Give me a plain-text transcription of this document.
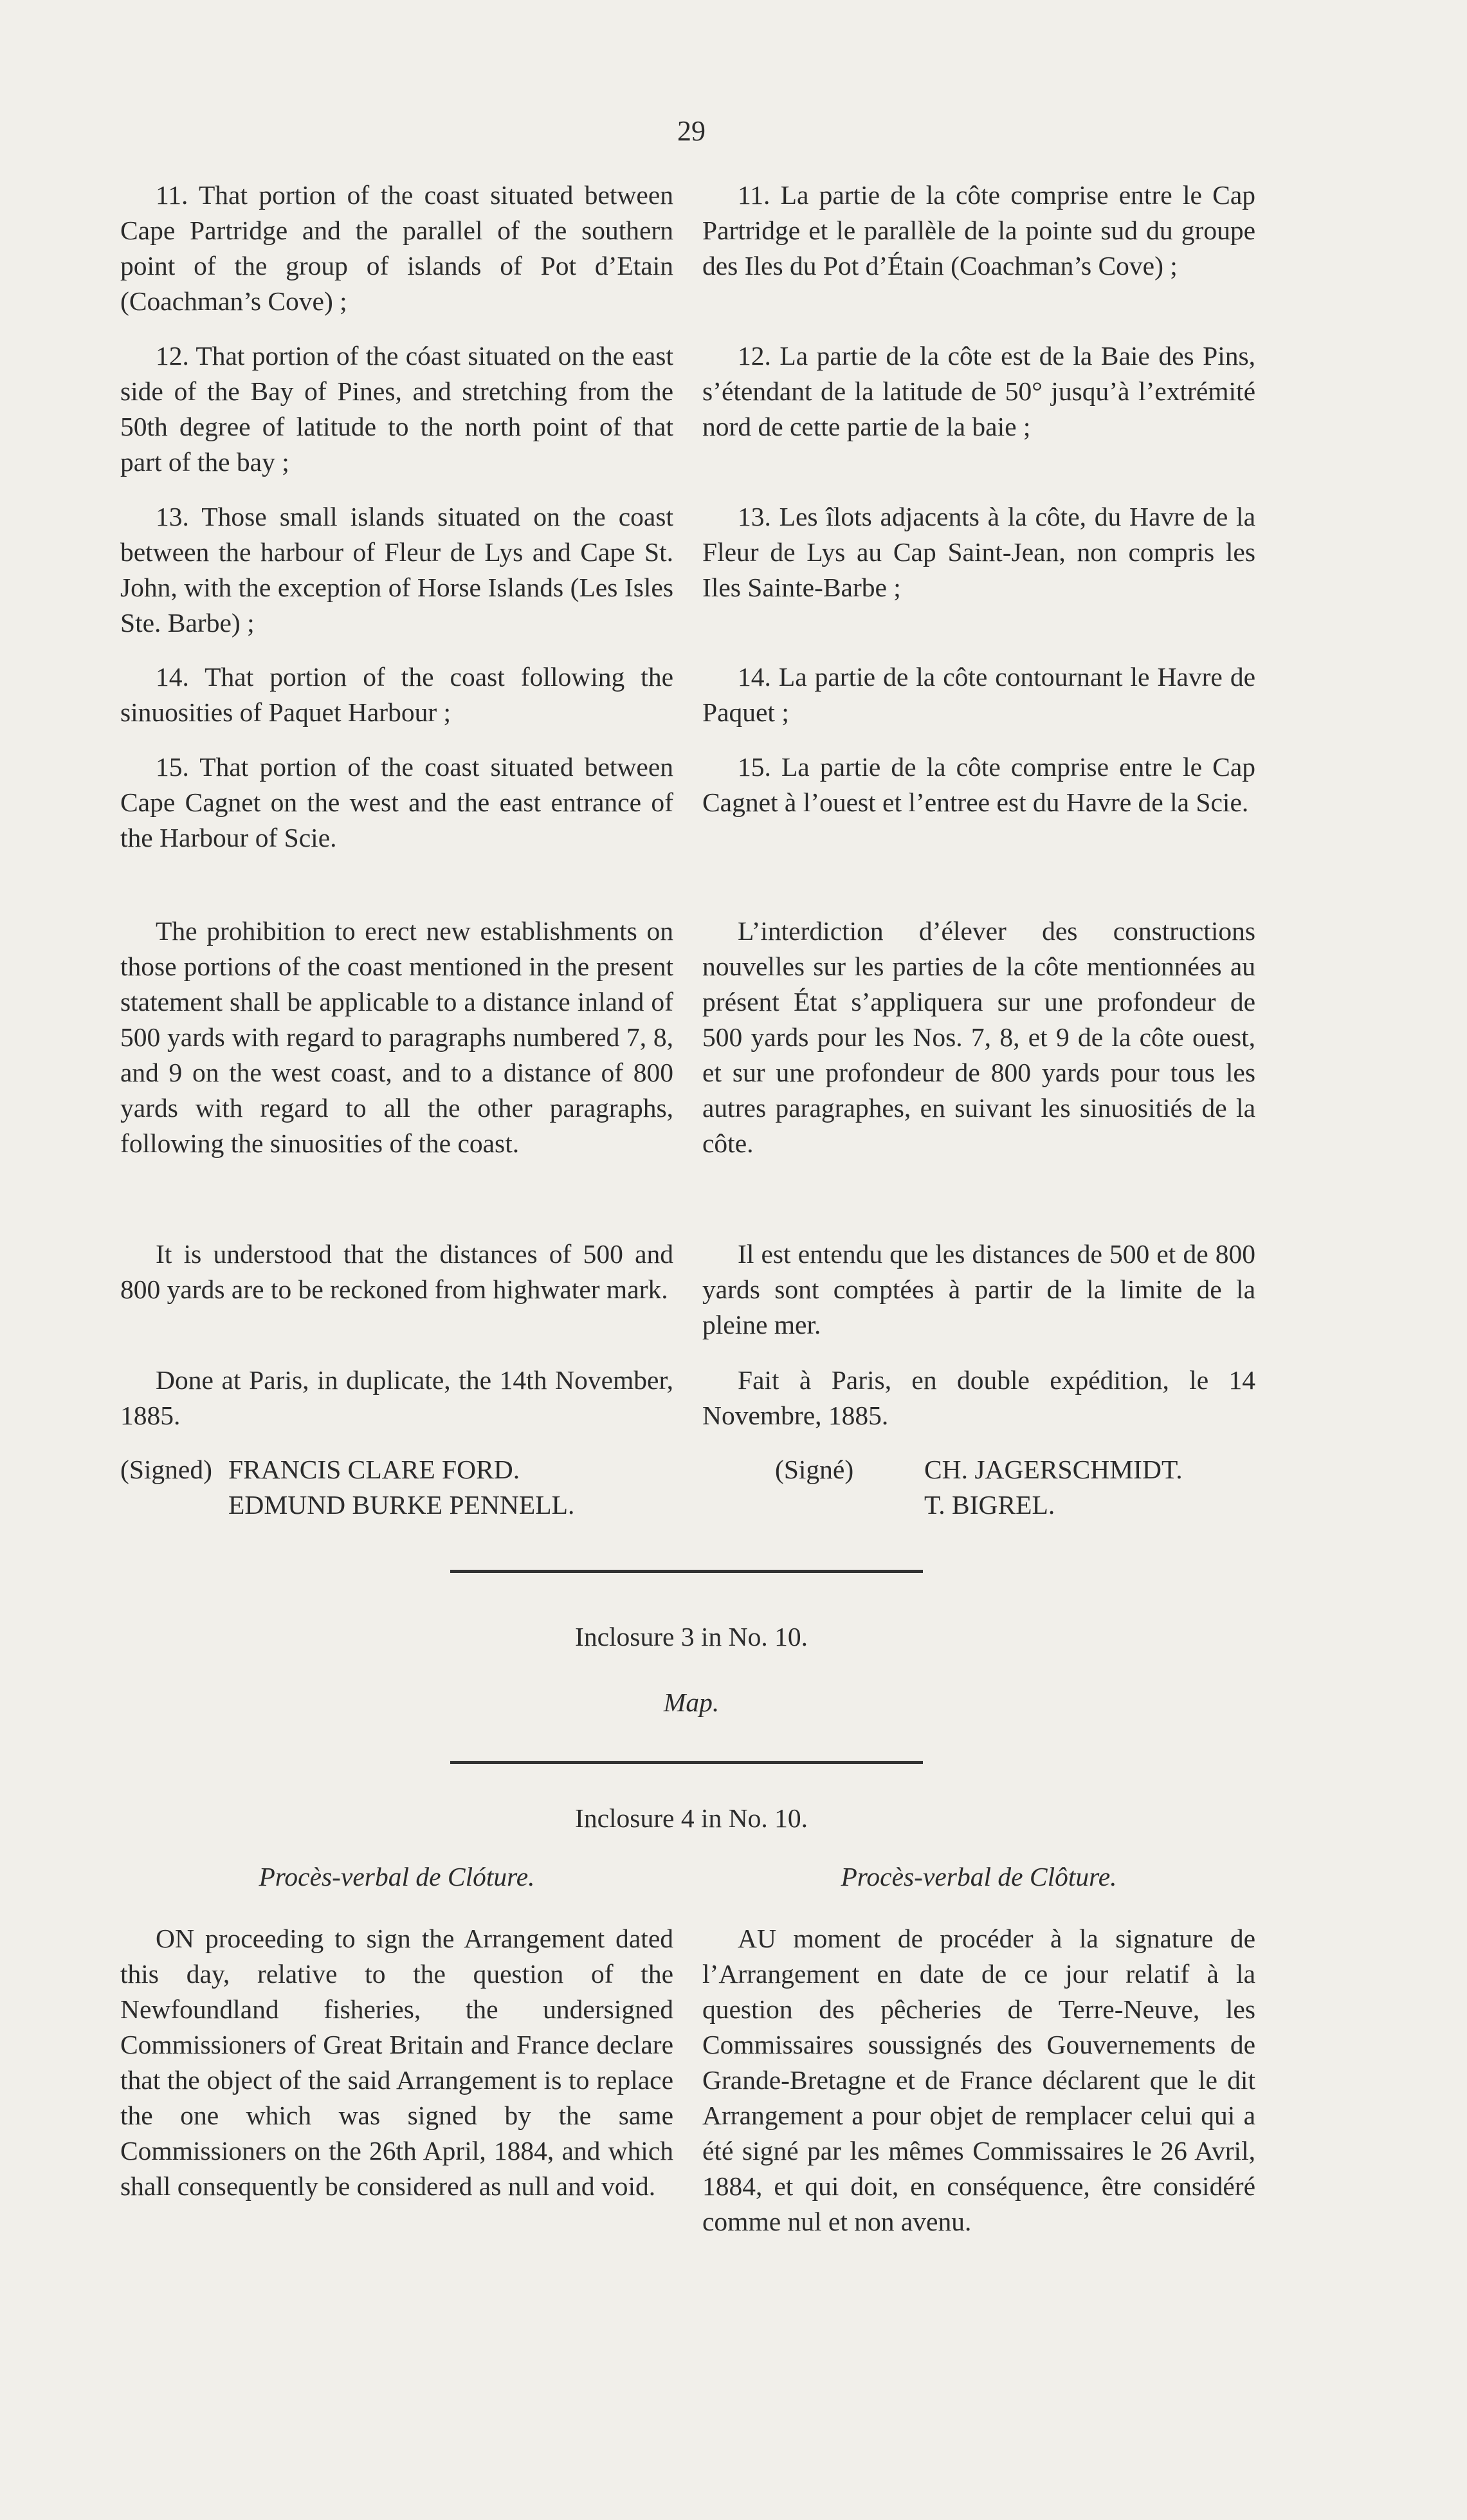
29

11. That portion of the coast situated between Cape Partridge and the parallel of the southern point of the group of islands of Pot d’Etain (Coachman’s Cove) ;

12. That portion of the cóast situated on the east side of the Bay of Pines, and stretching from the 50th degree of latitude to the north point of that part of the bay ;

13. Those small islands situated on the coast between the harbour of Fleur de Lys and Cape St. John, with the exception of Horse Islands (Les Isles Ste. Barbe) ;

14. That portion of the coast following the sinuosities of Paquet Harbour ;

15. That portion of the coast situated between Cape Cagnet on the west and the east entrance of the Harbour of Scie.

The prohibition to erect new establishments on those portions of the coast mentioned in the present statement shall be applicable to a distance inland of 500 yards with regard to paragraphs numbered 7, 8, and 9 on the west coast, and to a distance of 800 yards with regard to all the other paragraphs, following the sinuosities of the coast.

It is understood that the distances of 500 and 800 yards are to be reckoned from highwater mark.

Done at Paris, in duplicate, the 14th November, 1885.

(Signed) FRANCIS CLARE FORD.
EDMUND BURKE PENNELL.

11. La partie de la côte comprise entre le Cap Partridge et le parallèle de la pointe sud du groupe des Iles du Pot d’Étain (Coachman’s Cove) ;

12. La partie de la côte est de la Baie des Pins, s’étendant de la latitude de 50° jusqu’à l’extrémité nord de cette partie de la baie ;

13. Les îlots adjacents à la côte, du Havre de la Fleur de Lys au Cap Saint-Jean, non compris les Iles Sainte-Barbe ;

14. La partie de la côte contournant le Havre de Paquet ;

15. La partie de la côte comprise entre le Cap Cagnet à l’ouest et l’entree est du Havre de la Scie.

L’interdiction d’élever des constructions nouvelles sur les parties de la côte mentionnées au présent État s’appliquera sur une profondeur de 500 yards pour les Nos. 7, 8, et 9 de la côte ouest, et sur une profondeur de 800 yards pour tous les autres paragraphes, en suivant les sinuositiés de la côte.

Il est entendu que les distances de 500 et de 800 yards sont comptées à partir de la limite de la pleine mer.

Fait à Paris, en double expédition, le 14 Novembre, 1885.

(Signé)	CH. JAGERSCHMIDT.
T. BIGREL.
Inclosure 3 in No. 10.
Map.
Inclosure 4 in No. 10.
Procès-verbal de Clóture.	Procès-verbal de Clôture.

ON proceeding to sign the Arrangement dated this day, relative to the question of the Newfoundland fisheries, the undersigned Commissioners of Great Britain and France declare that the object of the said Arrangement is to replace the one which was signed by the same Commissioners on the 26th April, 1884, and which shall consequently be considered as null and void.

AU moment de procéder à la signature de l’Arrangement en date de ce jour relatif à la question des pêcheries de Terre-Neuve, les Commissaires soussignés des Gouvernements de Grande-Bretagne et de France déclarent que le dit Arrangement a pour objet de remplacer celui qui a été signé par les mêmes Commissaires le 26 Avril, 1884, et qui doit, en conséquence, être considéré comme nul et non avenu.
